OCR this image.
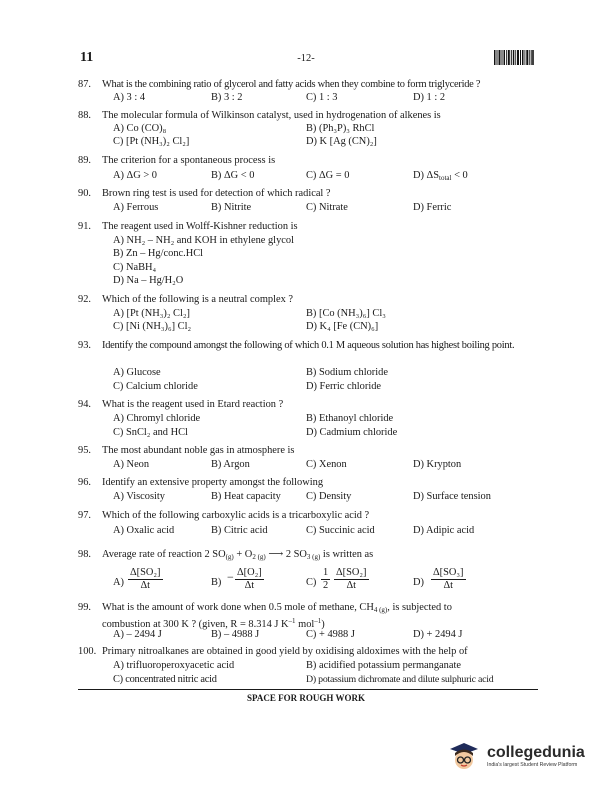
11	-12-
87. What is the combining ratio of glycerol and fatty acids when they combine to form triglyceride ?
A) 3 : 4	B) 3 : 2	C) 1 : 3	D) 1 : 2
88. The molecular formula of Wilkinson catalyst, used in hydrogenation of alkenes is
A) Co (CO)₈	B) (Ph₃P)₃ RhCl
C) [Pt (NH₃)₂ Cl₂]	D) K [Ag (CN)₂]
89. The criterion for a spontaneous process is
A) ΔG > 0	B) ΔG < 0	C) ΔG = 0	D) $\Delta S_{total} < 0$
90. Brown ring test is used for detection of which radical ?
A) Ferrous	B) Nitrite	C) Nitrate	D) Ferric
91. The reagent used in Wolff-Kishner reduction is
A) NH₂ – NH₂ and KOH in ethylene glycol
B) Zn – Hg/conc.HCl
C) NaBH₄
D) Na – Hg/H₂O
92. Which of the following is a neutral complex ?
A) [Pt (NH₃)₂ Cl₂]	B) [Co (NH₃)₆] Cl₃
C) [Ni (NH₃)₆] Cl₂	D) K₄ [Fe (CN)₆]
93. Identify the compound amongst the following of which 0.1 M aqueous solution has highest boiling point.
A) Glucose	B) Sodium chloride
C) Calcium chloride	D) Ferric chloride
94. What is the reagent used in Etard reaction ?
A) Chromyl chloride	B) Ethanoyl chloride
C) SnCl₂ and HCl	D) Cadmium chloride
95. The most abundant noble gas in atmosphere is
A) Neon	B) Argon	C) Xenon	D) Krypton
96. Identify an extensive property amongst the following
A) Viscosity	B) Heat capacity C) Density	D) Surface tension
97. Which of the following carboxylic acids is a tricarboxylic acid ?
A) Oxalic acid	B) Citric acid	C) Succinic acid	D) Adipic acid
98. Average rate of reaction 2 $SO_{(g)} + O_{2 (g)}$ ⟶ 2 $SO_{3 (g)}$ is written as
$A) \frac{\text{Δ[SO₂]}}{\Delta t}$	$B) - \frac{\text{Δ[O₂]}}{\Delta t}$	$C) \frac{1}{2} \frac{\text{Δ[SO₂]}}{\Delta t}$	$D) \frac{\text{Δ[SO₃]}}{\Delta t}$
99. What is the amount of work done when 0.5 mole of methane, $CH_{4 (g)}$, is subjected to
combustion at 300 K ? (given, R = 8.314 J $K^{-1}$ mol$^{-1}$)
A) – 2494 J	B) – 4988 J	C) + 4988 J	D) + 2494 J
100. Primary nitroalkanes are obtained in good yield by oxidising aldoximes with the help of
A) trifluoroperoxyacetic acid	B) acidified potassium permanganate
C) concentrated nitric acid	D) potassium dichromate and dilute sulphuric acid
SPACE FOR ROUGH WORK
collegedunia
India's largest Student Review Platform
